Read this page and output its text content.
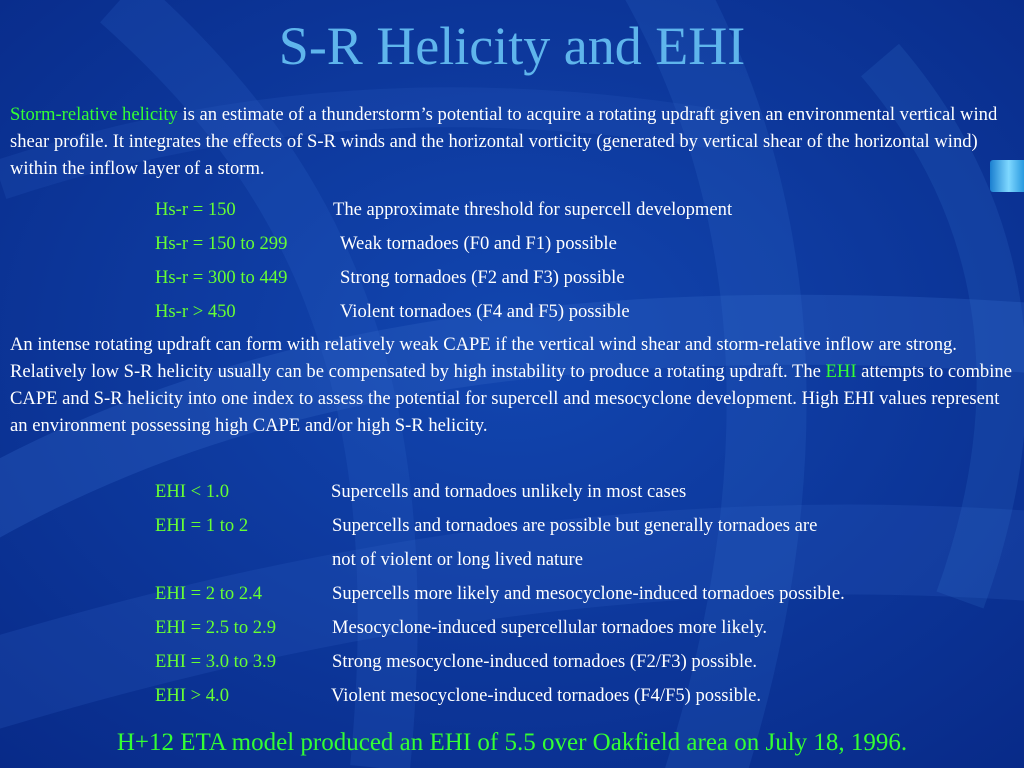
S-R Helicity and EHI
Storm-relative helicity is an estimate of a thunderstorm’s potential to acquire a rotating updraft given an environmental vertical wind shear profile. It integrates the effects of S-R winds and the horizontal vorticity (generated by vertical shear of the horizontal wind) within the inflow layer of a storm.
Hs-r = 150	The approximate threshold for supercell development
Hs-r = 150 to 299	Weak tornadoes (F0 and F1) possible
Hs-r = 300 to 449	Strong tornadoes (F2 and F3) possible
Hs-r > 450	Violent tornadoes (F4 and F5) possible
An intense rotating updraft can form with relatively weak CAPE if the vertical wind shear and storm-relative inflow are strong. Relatively low S-R helicity usually can be compensated by high instability to produce a rotating updraft. The EHI attempts to combine CAPE and S-R helicity into one index to assess the potential for supercell and mesocyclone development. High EHI values represent an environment possessing high CAPE and/or high S-R helicity.
EHI < 1.0	Supercells and tornadoes unlikely in most cases
EHI = 1 to 2	Supercells and tornadoes are possible but generally tornadoes are
not of violent or long lived nature
EHI = 2 to 2.4	Supercells more likely and mesocyclone-induced tornadoes possible.
EHI = 2.5 to 2.9	Mesocyclone-induced supercellular tornadoes more likely.
EHI = 3.0 to 3.9	Strong mesocyclone-induced tornadoes (F2/F3) possible.
EHI > 4.0	Violent mesocyclone-induced tornadoes (F4/F5) possible.
H+12 ETA model produced an EHI of 5.5 over Oakfield area on July 18, 1996.
